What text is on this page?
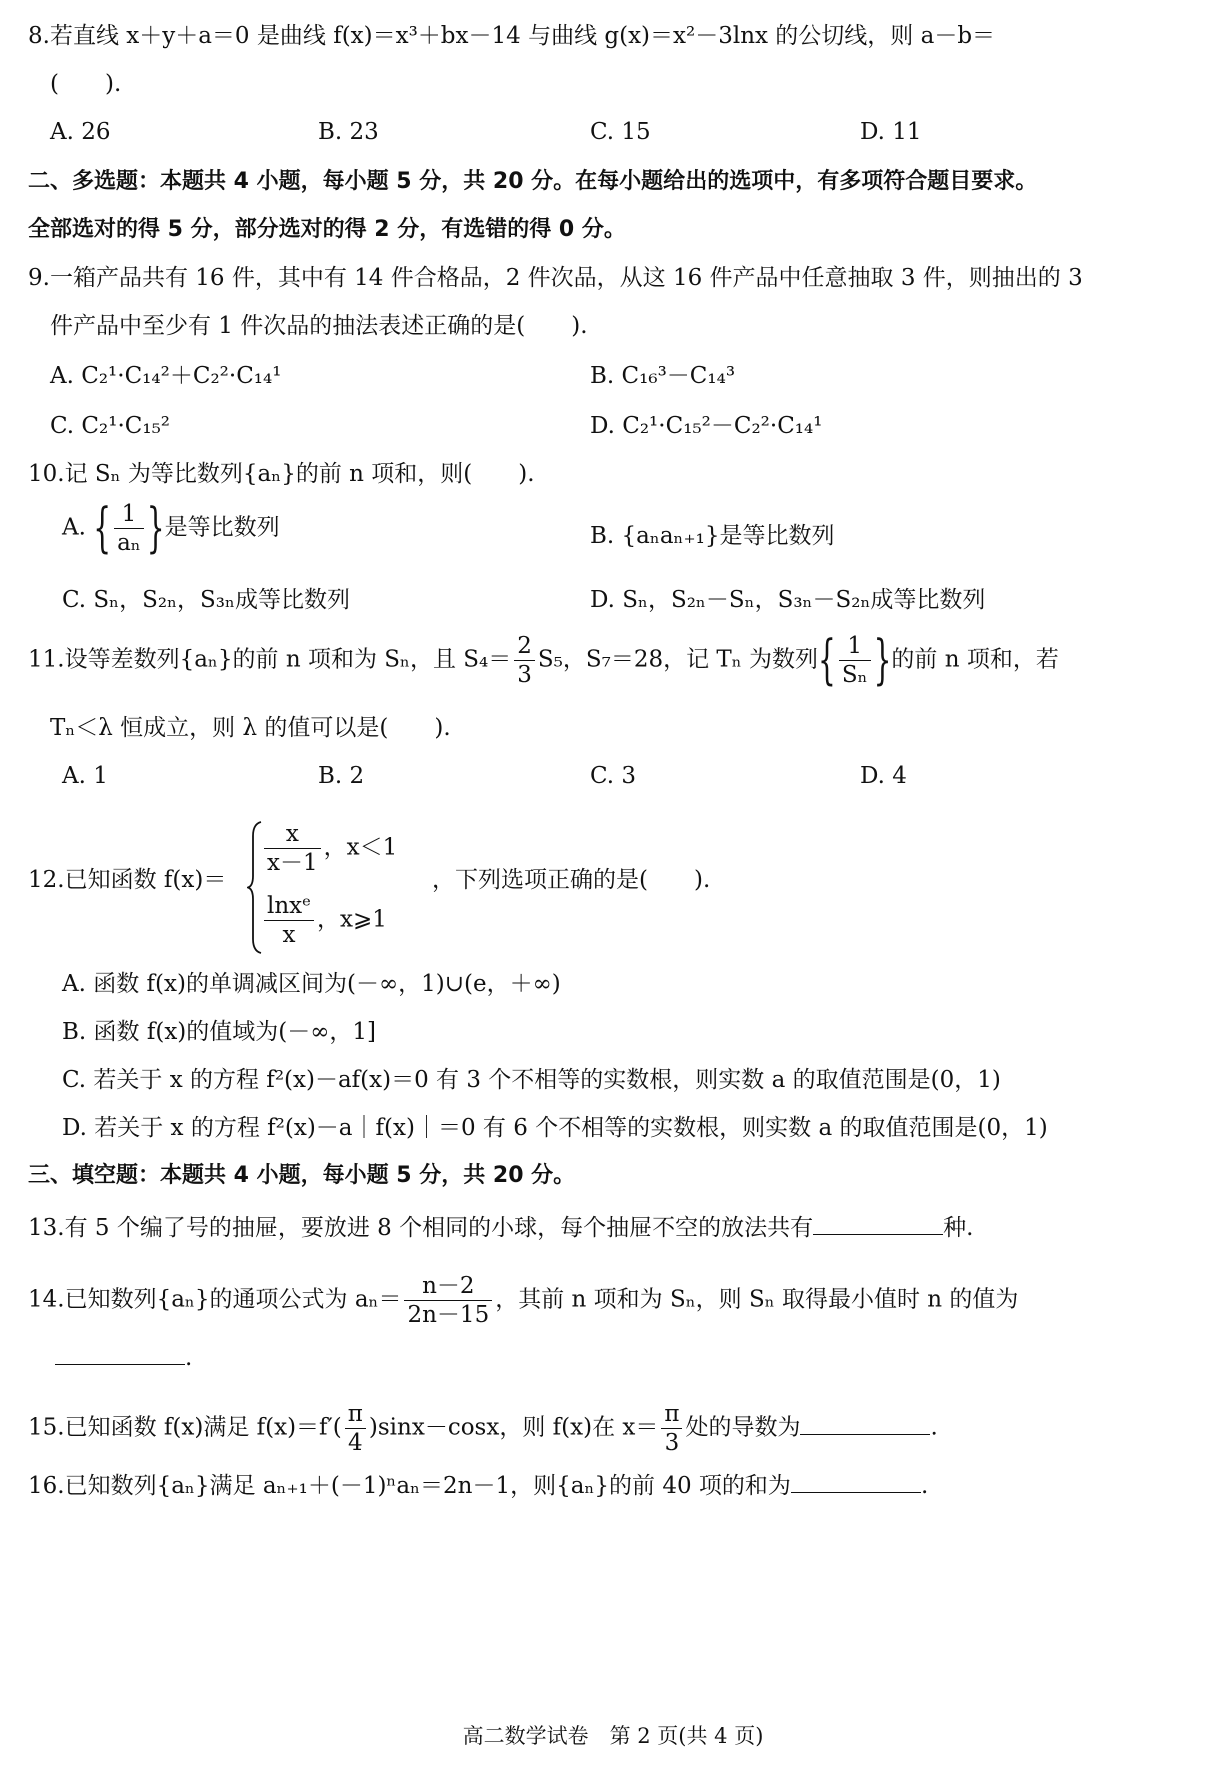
8.若直线 x＋y＋a＝0 是曲线 f(x)＝x³＋bx－14 与曲线 g(x)＝x²－3lnx 的公切线，则 a－b＝
(　　).
A. 26	B. 23	C. 15	D. 11
二、多选题：本题共 4 小题，每小题 5 分，共 20 分。在每小题给出的选项中，有多项符合题目要求。
全部选对的得 5 分，部分选对的得 2 分，有选错的得 0 分。
9.一箱产品共有 16 件，其中有 14 件合格品，2 件次品，从这 16 件产品中任意抽取 3 件，则抽出的 3
件产品中至少有 1 件次品的抽法表述正确的是(　　).
A. C₂¹·C₁₄²＋C₂²·C₁₄¹	B. C₁₆³－C₁₄³
C. C₂¹·C₁₅²	D. C₂¹·C₁₅²－C₂²·C₁₄¹
10.记 Sₙ 为等比数列{aₙ}的前 n 项和，则(　　).
A. { $\frac{1}{\text{aₙ}}$ }是等比数列	B. {aₙaₙ₊₁}是等比数列
C. Sₙ，S₂ₙ，S₃ₙ成等比数列	D. Sₙ，S₂ₙ－Sₙ，S₃ₙ－S₂ₙ成等比数列
11.设等差数列{aₙ}的前 n 项和为 Sₙ，且 $S_4= \frac{2}{3} S_5$，S₇＝28，记 Tₙ 为数列{ $\frac{1}{\text{Sₙ}}$ }的前 n 项和，若
Tₙ＜λ 恒成立，则 λ 的值可以是(　　).
A. 1	B. 2	C. 3	D. 4
12.已知函数 f(x)＝
$\frac{x}{x-1}$ ，x＜1
$\frac{\text{lnxᵉ}}{x}$ ，x⩾1
，下列选项正确的是(　　).
A. 函数 f(x)的单调减区间为(－∞，1)∪(e，＋∞)
B. 函数 f(x)的值域为(－∞，1]
C. 若关于 x 的方程 f²(x)－af(x)＝0 有 3 个不相等的实数根，则实数 a 的取值范围是(0，1)
D. 若关于 x 的方程 f²(x)－a｜f(x)｜＝0 有 6 个不相等的实数根，则实数 a 的取值范围是(0，1)
三、填空题：本题共 4 小题，每小题 5 分，共 20 分。
13.有 5 个编了号的抽屉，要放进 8 个相同的小球，每个抽屉不空的放法共有	种.
14.已知数列{aₙ}的通项公式为 $a_n= \frac{n-2}{2n-15}$ ，其前 n 项和为 Sₙ，则 Sₙ 取得最小值时 n 的值为
.
15.已知函数 f(x)满足 $f(x)=f'( \frac{\pi}{4} )\sin x-\cos x$，则 f(x)在 $x= \frac{\pi}{3}$ 处的导数为	.
16.已知数列{aₙ}满足 aₙ₊₁＋(－1)ⁿaₙ＝2n－1，则{aₙ}的前 40 项的和为	.
高二数学试卷　第 2 页(共 4 页)
